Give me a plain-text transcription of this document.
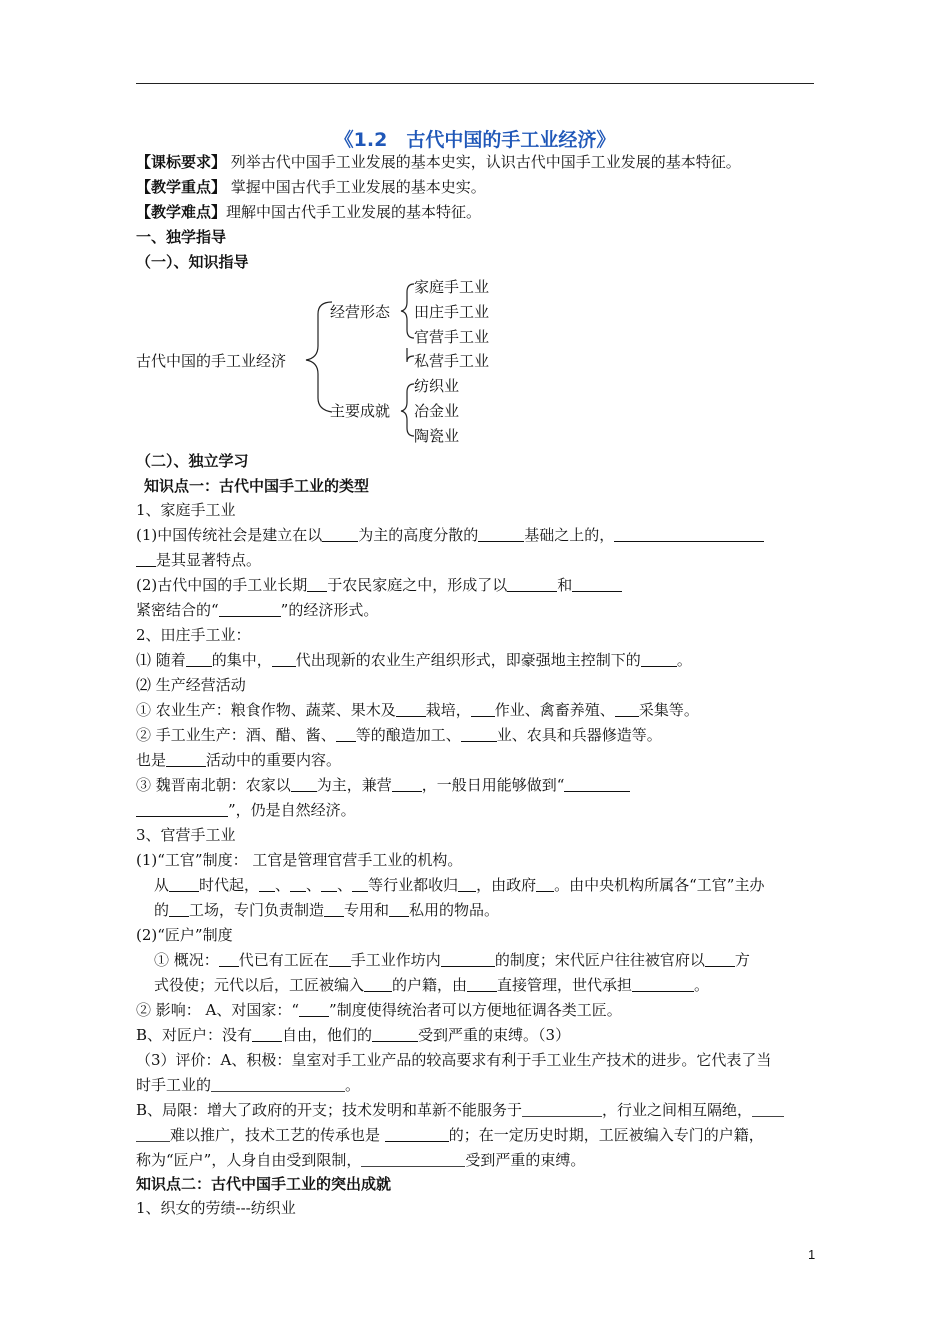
《1.2　古代中国的手工业经济》
【课标要求】 列举古代中国手工业发展的基本史实，认识古代中国手工业发展的基本特征。
【教学重点】 掌握中国古代手工业发展的基本史实。
【教学难点】理解中国古代手工业发展的基本特征。
一、独学指导
（一）、知识指导
古代中国的手工业经济
经营形态
主要成就
家庭手工业
田庄手工业
官营手工业
私营手工业
纺织业
冶金业
陶瓷业
（二）、独立学习
知识点一：古代中国手工业的类型
1、家庭手工业
(1)中国传统社会是建立在以 为主的高度分散的	基础之上的，
是其显著特点。
(2)古代中国的手工业长期 于农民家庭之中，形成了以	和
紧密结合的“	”的经济形式。
2、田庄手工业：
⑴ 随着 的集中， 代出现新的农业生产组织形式，即豪强地主控制下的 。
⑵ 生产经营活动
① 农业生产：粮食作物、蔬菜、果木及 栽培， 作业、禽畜养殖、 采集等。
② 手工业生产：酒、醋、酱、 等的酿造加工、 业、农具和兵器修造等。
也是	活动中的重要内容。
③ 魏晋南北朝：农家以 为主，兼营 ，一般日用能够做到“
”，仍是自然经济。
3、官营手工业
(1)“工官”制度： 工官是管理官营手工业的机构。
从 时代起， 、 、 、 等行业都收归 ，由政府 。由中央机构所属各“工官”主办
的 工场，专门负责制造 专用和 私用的物品。
(2)“匠户”制度
① 概况： 代已有工匠在 手工业作坊内	的制度；宋代匠户往往被官府以 方
式役使；元代以后，工匠被编入 的户籍，由 直接管理，世代承担	。
② 影响： A、对国家：“ ”制度使得统治者可以方便地征调各类工匠。
B、对匠户：没有 自由，他们的	受到严重的束缚。（3）
（3）评价：A、积极：皇室对手工业产品的较高要求有利于手工业生产技术的进步。它代表了当
时手工业的	。
B、局限：增大了政府的开支；技术发明和革新不能服务于	，行业之间相互隔绝，
难以推广，技术工艺的传承也是	的；在一定历史时期，工匠被编入专门的户籍，
称为“匠户”，人身自由受到限制，	受到严重的束缚。
知识点二：古代中国手工业的突出成就
1、织女的劳绩---纺织业
1
